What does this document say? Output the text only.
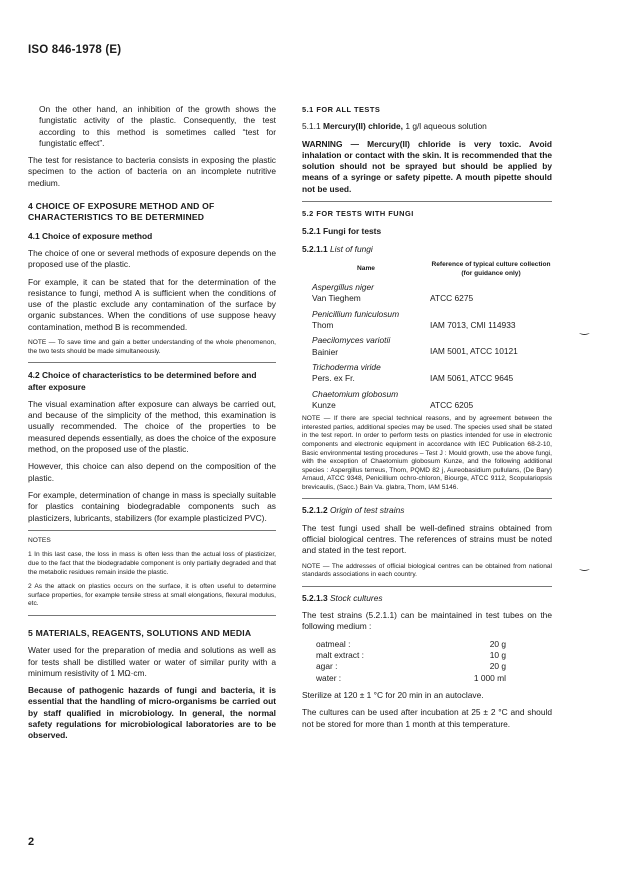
ISO 846-1978 (E)

On the other hand, an inhibition of the growth shows the fungistatic activity of the plastic. Consequently, the test according to this method is sometimes called “test for fungistatic effect”.

The test for resistance to bacteria consists in exposing the plastic specimen to the action of bacteria on an incomplete nutritive medium.

4 CHOICE OF EXPOSURE METHOD AND OF CHARACTERISTICS TO BE DETERMINED
4.1 Choice of exposure method

The choice of one or several methods of exposure depends on the proposed use of the plastic.

For example, it can be stated that for the determination of the resistance to fungi, method A is sufficient when the conditions of use of the plastic exclude any contamination of the surface by organic substances. When the conditions of use suppose heavy contamination, method B is recommended.

NOTE — To save time and gain a better understanding of the whole phenomenon, the two tests should be made simultaneously.

4.2 Choice of characteristics to be determined before and after exposure

The visual examination after exposure can always be carried out, and because of the simplicity of the method, this examination is usually recommended. The choice of the properties to be measured depends essentially, as does the choice of the exposure method, on the proposed use of the plastic.

However, this choice can also depend on the composition of the plastic.

For example, determination of change in mass is specially suitable for plastics containing biodegradable components such as plasticizers, lubricants, stabilizers (for example plasticized PVC).

NOTES

1 In this last case, the loss in mass is often less than the actual loss of plasticizer, due to the fact that the biodegradable component is only partially degraded and that the metabolic residues remain inside the plastic.

2 As the attack on plastics occurs on the surface, it is often useful to determine surface properties, for example tensile stress at small elongations, flexural modulus, etc.

5 MATERIALS, REAGENTS, SOLUTIONS AND MEDIA

Water used for the preparation of media and solutions as well as for tests shall be distilled water or water of similar purity with a minimum resistivity of 1 MΩ·cm.

Because of pathogenic hazards of fungi and bacteria, it is essential that the handling of micro-organisms be carried out by staff qualified in microbiology. In general, the normal safety regulations for microbiological laboratories are to be observed.

5.1 FOR ALL TESTS

5.1.1 Mercury(II) chloride, 1 g/l aqueous solution

WARNING — Mercury(II) chloride is very toxic. Avoid inhalation or contact with the skin. It is recommended that the solution should not be sprayed but should be applied by means of a syringe or safety pipette. A mouth pipette should not be used.

5.2 FOR TESTS WITH FUNGI
5.2.1 Fungi for tests

5.2.1.1 List of fungi

Name
Reference of typical culture collection (for guidance only)
Aspergillus niger
Van Tieghem	ATCC 6275
Penicillium funiculosum
Thom	IAM 7013, CMI 114933
Paecilomyces variotii
Bainier	IAM 5001, ATCC 10121
Trichoderma viride
Pers. ex Fr.	IAM 5061, ATCC 9645
Chaetomium globosum
Kunze	ATCC 6205

NOTE — If there are special technical reasons, and by agreement between the interested parties, additional species may be used. The species used shall be stated in the test report. In order to perform tests on plastics intended for use in electronic components and electronic equipment in accordance with IEC Publication 68-2-10, Basic environmental testing procedures – Test J : Mould growth, use the above fungi, with the exception of Chaetomium globosum Kunze, and the following additional species : Aspergillus terreus, Thom, PQMD 82 j, Aureobasidium pullulans, (De Bary) Arnaud, ATCC 9348, Penicillium ochro-chloron, Biourge, ATCC 9112, Scopulariopsis brevicaulis, (Sacc.) Bain Va. glabra, Thom, IAM 5146.

5.2.1.2 Origin of test strains

The test fungi used shall be well-defined strains obtained from official biological centres. The references of strains must be noted and stated in the test report.

NOTE — The addresses of official biological centres can be obtained from national standards associations in each country.

5.2.1.3 Stock cultures

The test strains (5.2.1.1) can be maintained in test tubes on the following medium :

oatmeal :	20 g
malt extract :	10 g
agar :	20 g
water :	1 000 ml

Sterilize at 120 ± 1 °C for 20 min in an autoclave.

The cultures can be used after incubation at 25 ± 2 °C and should not be stored for more than 1 month at this temperature.

‿
‿
2
